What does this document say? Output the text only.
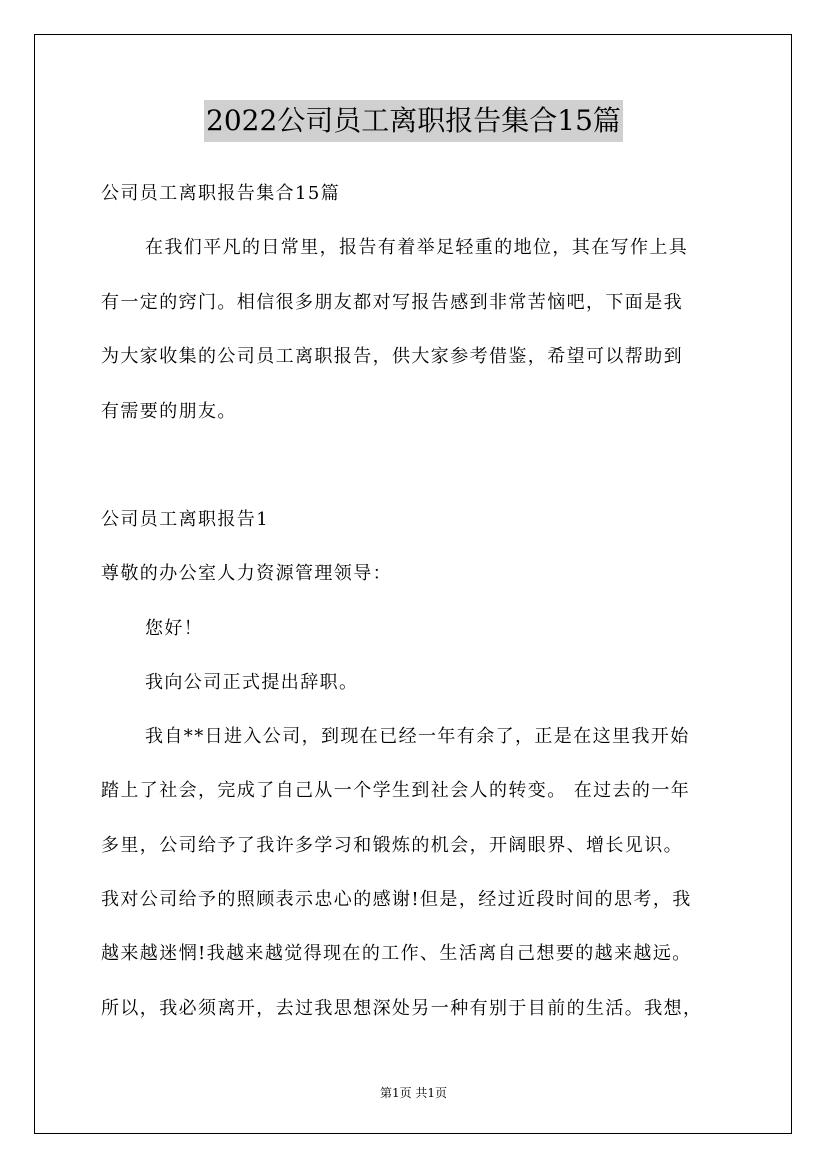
2022公司员工离职报告集合15篇
公司员工离职报告集合15篇
在我们平凡的日常里，报告有着举足轻重的地位，其在写作上具
有一定的窍门。相信很多朋友都对写报告感到非常苦恼吧，下面是我
为大家收集的公司员工离职报告，供大家参考借鉴，希望可以帮助到
有需要的朋友。
公司员工离职报告1
尊敬的办公室人力资源管理领导：
您好！
我向公司正式提出辞职。
我自**日进入公司，到现在已经一年有余了，正是在这里我开始
踏上了社会，完成了自己从一个学生到社会人的转变。 在过去的一年
多里，公司给予了我许多学习和锻炼的机会，开阔眼界、增长见识。
我对公司给予的照顾表示忠心的感谢!但是，经过近段时间的思考，我
越来越迷惘!我越来越觉得现在的工作、生活离自己想要的越来越远。
所以，我必须离开，去过我思想深处另一种有别于目前的生活。我想，
第1页 共1页
